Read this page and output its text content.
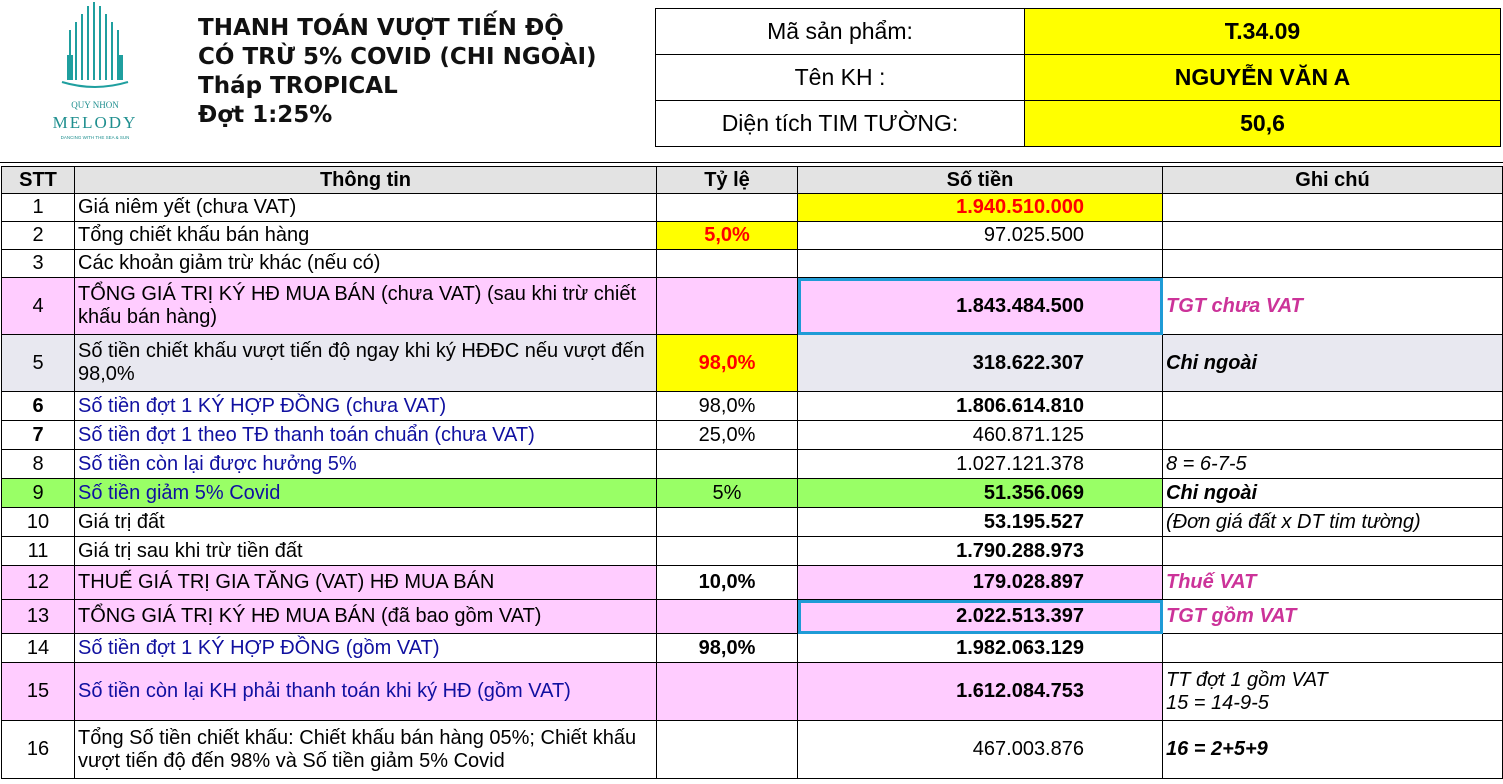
QUY NHON
MELODY
DANCING WITH THE SEA & SUN
THANH TOÁN VƯỢT TIẾN ĐỘ
CÓ TRỪ 5% COVID (CHI NGOÀI)
Tháp TROPICAL
Đợt 1:25%
Mã sản phẩm:	T.34.09
Tên KH :	NGUYỄN VĂN A
Diện tích TIM TƯỜNG:	50,6
STT	Thông tin	Tỷ lệ	Số tiền	Ghi chú
1	Giá niêm yết (chưa VAT)		1.940.510.000	
2	Tổng chiết khấu bán hàng	5,0%	97.025.500	
3	Các khoản giảm trừ khác (nếu có)			
4	TỔNG GIÁ TRỊ KÝ HĐ MUA BÁN (chưa VAT) (sau khi trừ chiết khấu bán hàng)		1.843.484.500	TGT chưa VAT
5	Số tiền chiết khấu vượt tiến độ ngay khi ký HĐĐC nếu vượt đến 98,0%	98,0%	318.622.307	Chi ngoài
6	Số tiền đợt 1 KÝ HỢP ĐỒNG (chưa VAT)	98,0%	1.806.614.810	
7	Số tiền đợt 1 theo TĐ thanh toán chuẩn (chưa VAT)	25,0%	460.871.125	
8	Số tiền còn lại được hưởng 5%		1.027.121.378	8 = 6-7-5
9	Số tiền giảm 5% Covid	5%	51.356.069	Chi ngoài
10	Giá trị đất		53.195.527	(Đơn giá đất x DT tim tường)
11	Giá trị sau khi trừ tiền đất		1.790.288.973	
12	THUẾ GIÁ TRỊ GIA TĂNG (VAT) HĐ MUA BÁN	10,0%	179.028.897	Thuế VAT
13	TỔNG GIÁ TRỊ KÝ HĐ MUA BÁN (đã bao gồm VAT)		2.022.513.397	TGT gồm VAT
14	Số tiền đợt 1 KÝ HỢP ĐỒNG (gồm VAT)	98,0%	1.982.063.129	
15	Số tiền còn lại KH phải thanh toán khi ký HĐ (gồm VAT)		1.612.084.753	TT đợt 1 gồm VAT
15 = 14-9-5

16	Tổng Số tiền chiết khấu: Chiết khấu bán hàng 05%; Chiết khấu vượt tiến độ đến 98% và Số tiền giảm 5% Covid		467.003.876	16 = 2+5+9
